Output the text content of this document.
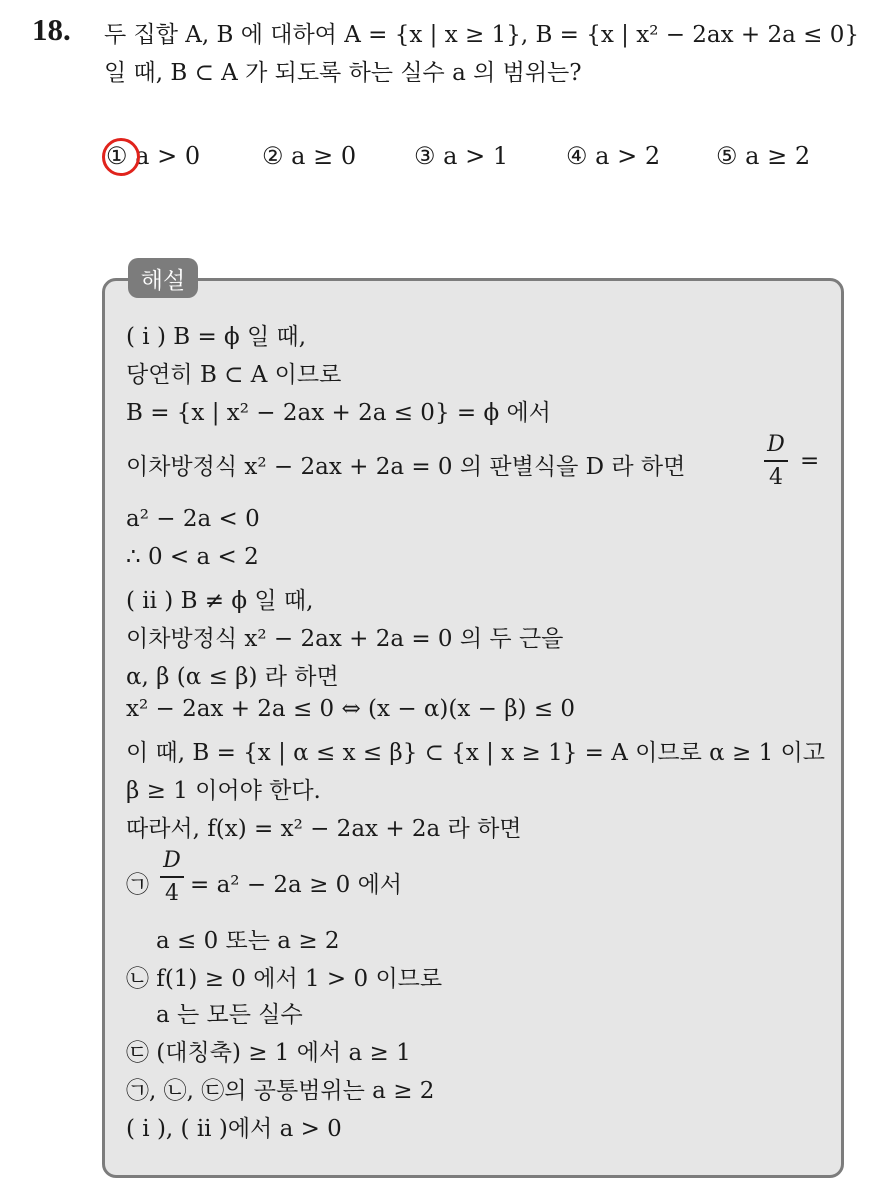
18. 두 집합 A, B 에 대하여 A = {x | x ≥ 1}, B = {x | x² − 2ax + 2a ≤ 0}
일 때, B ⊂ A 가 되도록 하는 실수 a 의 범위는?
① a > 0	② a ≥ 0 ③ a > 1 ④ a > 2 ⑤ a ≥ 2
해설
( i ) B = ϕ 일 때,
당연히 B ⊂ A 이므로
B = {x | x² − 2ax + 2a ≤ 0} = ϕ 에서
이차방정식 x² − 2ax + 2a = 0 의 판별식을 D 라 하면
D
4
=
a² − 2a < 0
∴ 0 < a < 2
( ii ) B ≠ ϕ 일 때,
이차방정식 x² − 2ax + 2a = 0 의 두 근을
α, β (α ≤ β) 라 하면
x² − 2ax + 2a ≤ 0 ⇔ (x − α)(x − β) ≤ 0
이 때, B = {x | α ≤ x ≤ β} ⊂ {x | x ≥ 1} = A 이므로 α ≥ 1 이고
β ≥ 1 이어야 한다.
따라서, f(x) = x² − 2ax + 2a 라 하면
㉠
D
4 = a² − 2a ≥ 0 에서
a ≤ 0 또는 a ≥ 2
㉡ f(1) ≥ 0 에서 1 > 0 이므로
a 는 모든 실수
㉢ (대칭축) ≥ 1 에서 a ≥ 1
㉠, ㉡, ㉢의 공통범위는 a ≥ 2
( i ), ( ii )에서 a > 0
